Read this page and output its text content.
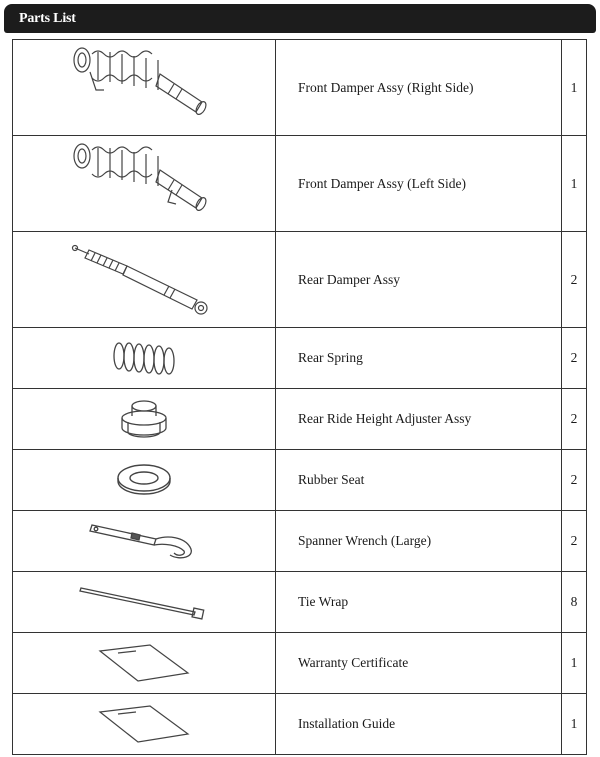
Parts List
	Front Damper Assy (Right Side)	1

	Front Damper Assy (Left Side)	1

	Rear Damper Assy	2

	Rear Spring	2

	Rear Ride Height Adjuster Assy	2

	Rubber Seat	2

	Spanner Wrench (Large)	2

	Tie Wrap	8

	Warranty Certificate	1

	Installation Guide	1
